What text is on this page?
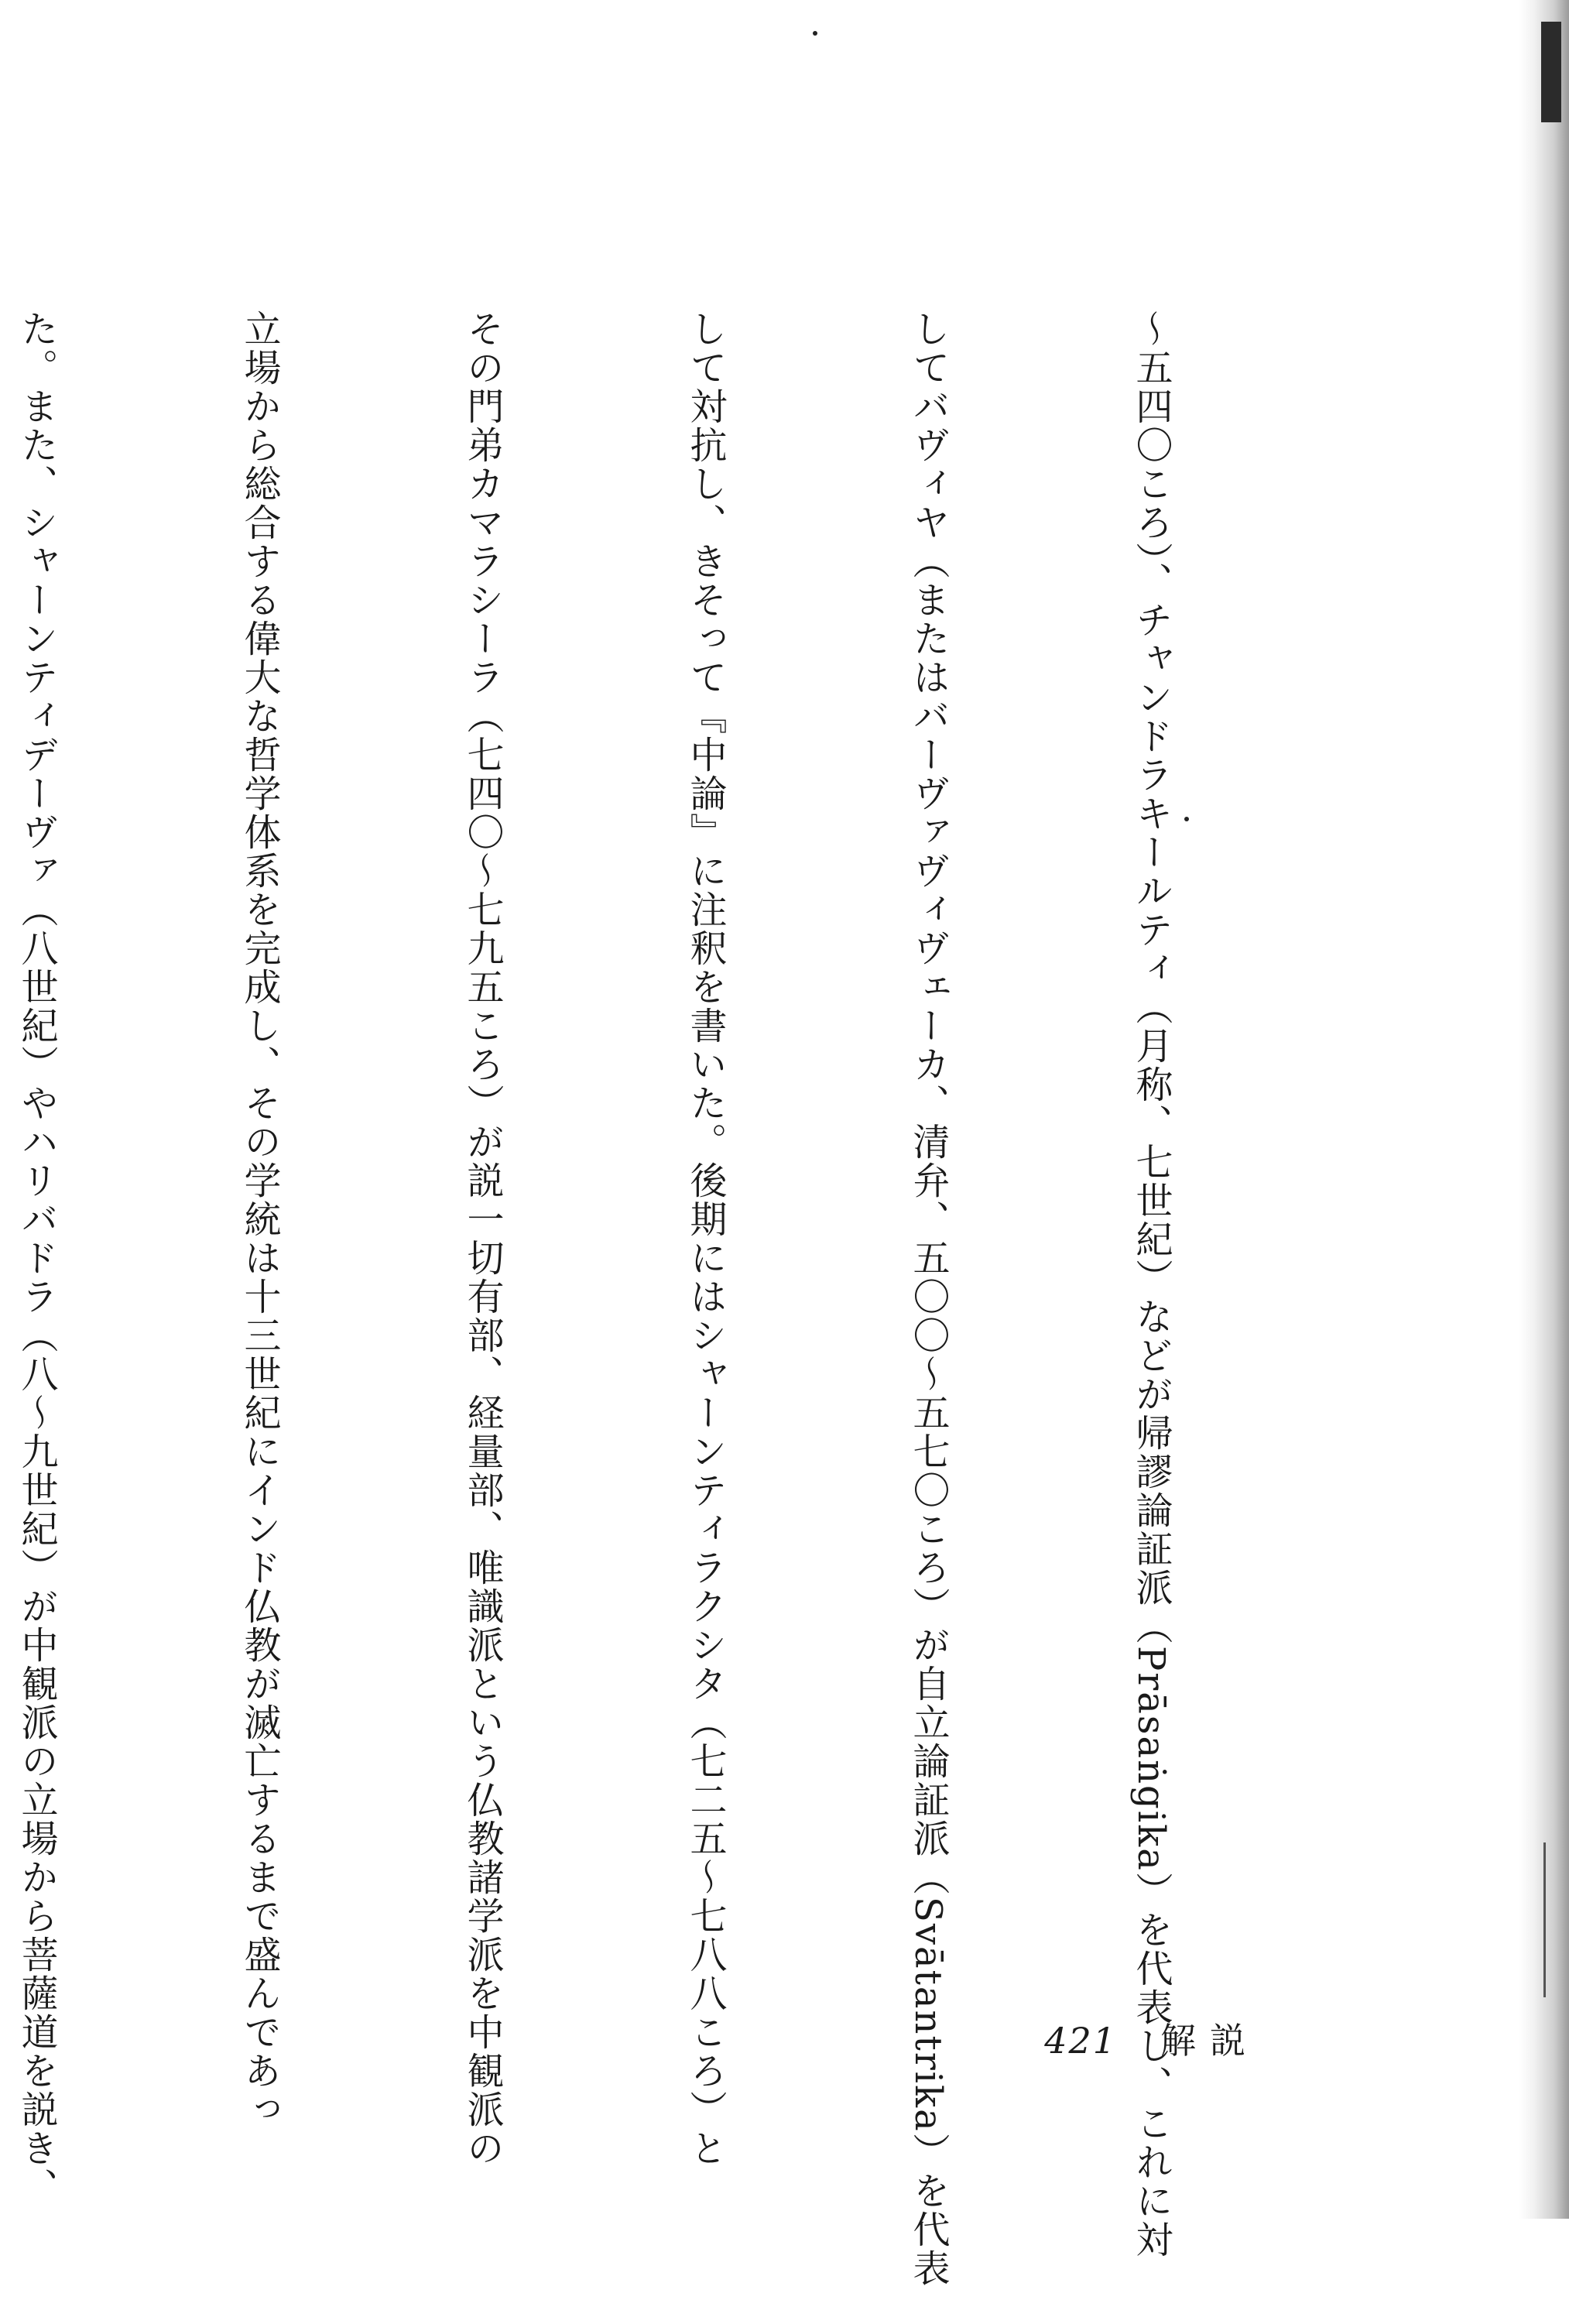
〜五四〇ころ）、チャンドラキールティ（月称、七世紀）などが帰謬論証派（Prāsaṅgika）を代表し、これに対

してバヴィヤ（またはバーヴァヴィヴェーカ、清弁、五〇〇〜五七〇ころ）が自立論証派（Svātantrika）を代表

して対抗し、きそって『中論』に注釈を書いた。後期にはシャーンティラクシタ（七二五〜七八八ころ）と

その門弟カマラシーラ（七四〇〜七九五ころ）が説一切有部、経量部、唯識派という仏教諸学派を中観派の

立場から総合する偉大な哲学体系を完成し、その学統は十三世紀にインド仏教が滅亡するまで盛んであっ

た。また、シャーンティデーヴァ（八世紀）やハリバドラ（八〜九世紀）が中観派の立場から菩薩道を説き、

	421 解説
